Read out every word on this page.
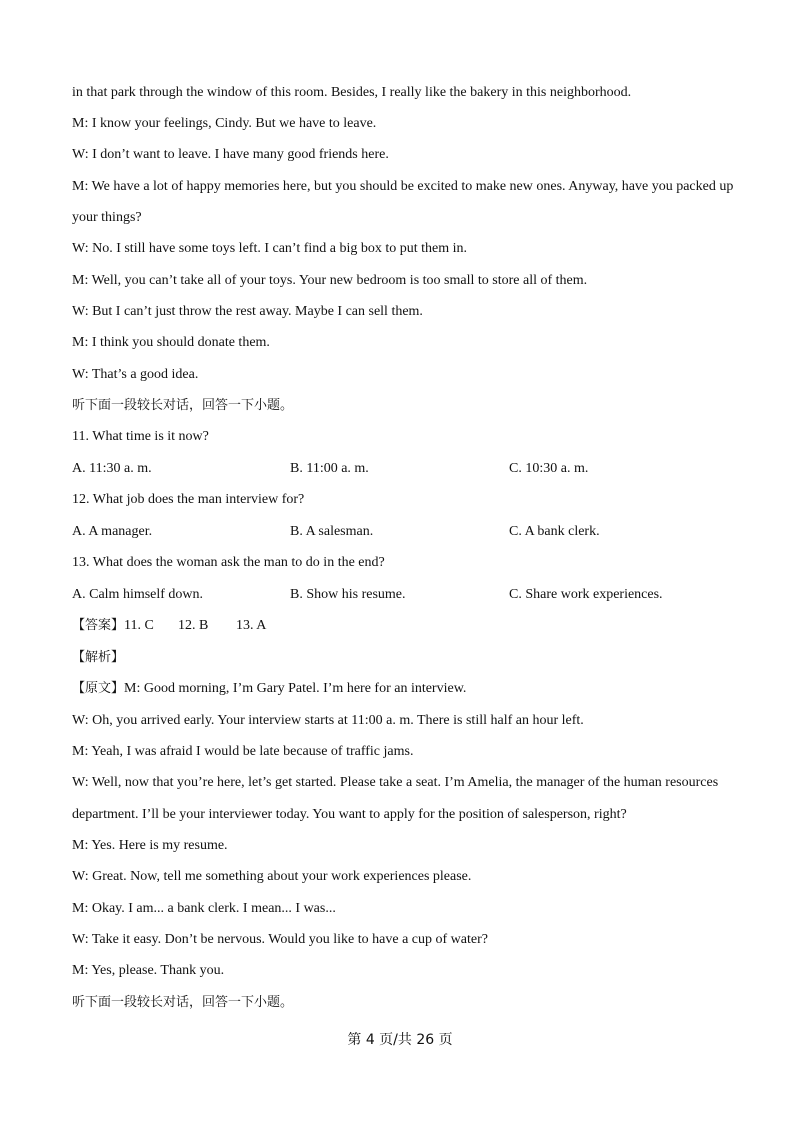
in that park through the window of this room. Besides, I really like the bakery in this neighborhood.
M: I know your feelings, Cindy. But we have to leave.
W: I don’t want to leave. I have many good friends here.
M: We have a lot of happy memories here, but you should be excited to make new ones. Anyway, have you packed up
your things?
W: No. I still have some toys left. I can’t find a big box to put them in.
M: Well, you can’t take all of your toys. Your new bedroom is too small to store all of them.
W: But I can’t just throw the rest away. Maybe I can sell them.
M: I think you should donate them.
W: That’s a good idea.
听下面一段较长对话，回答一下小题。
11. What time is it now?
A. 11:30 a. m.	B. 11:00 a. m.	C. 10:30 a. m.
12. What job does the man interview for?
A. A manager.	B. A salesman.	C. A bank clerk.
13. What does the woman ask the man to do in the end?
A. Calm himself down.	B. Show his resume.	C. Share work experiences.
【答案】11. C 12. B 13. A
【解析】
【原文】M: Good morning, I’m Gary Patel. I’m here for an interview.
W: Oh, you arrived early. Your interview starts at 11:00 a. m. There is still half an hour left.
M: Yeah, I was afraid I would be late because of traffic jams.
W: Well, now that you’re here, let’s get started. Please take a seat. I’m Amelia, the manager of the human resources
department. I’ll be your interviewer today. You want to apply for the position of salesperson, right?
M: Yes. Here is my resume.
W: Great. Now, tell me something about your work experiences please.
M: Okay. I am... a bank clerk. I mean... I was...
W: Take it easy. Don’t be nervous. Would you like to have a cup of water?
M: Yes, please. Thank you.
听下面一段较长对话，回答一下小题。
第 4 页/共 26 页
